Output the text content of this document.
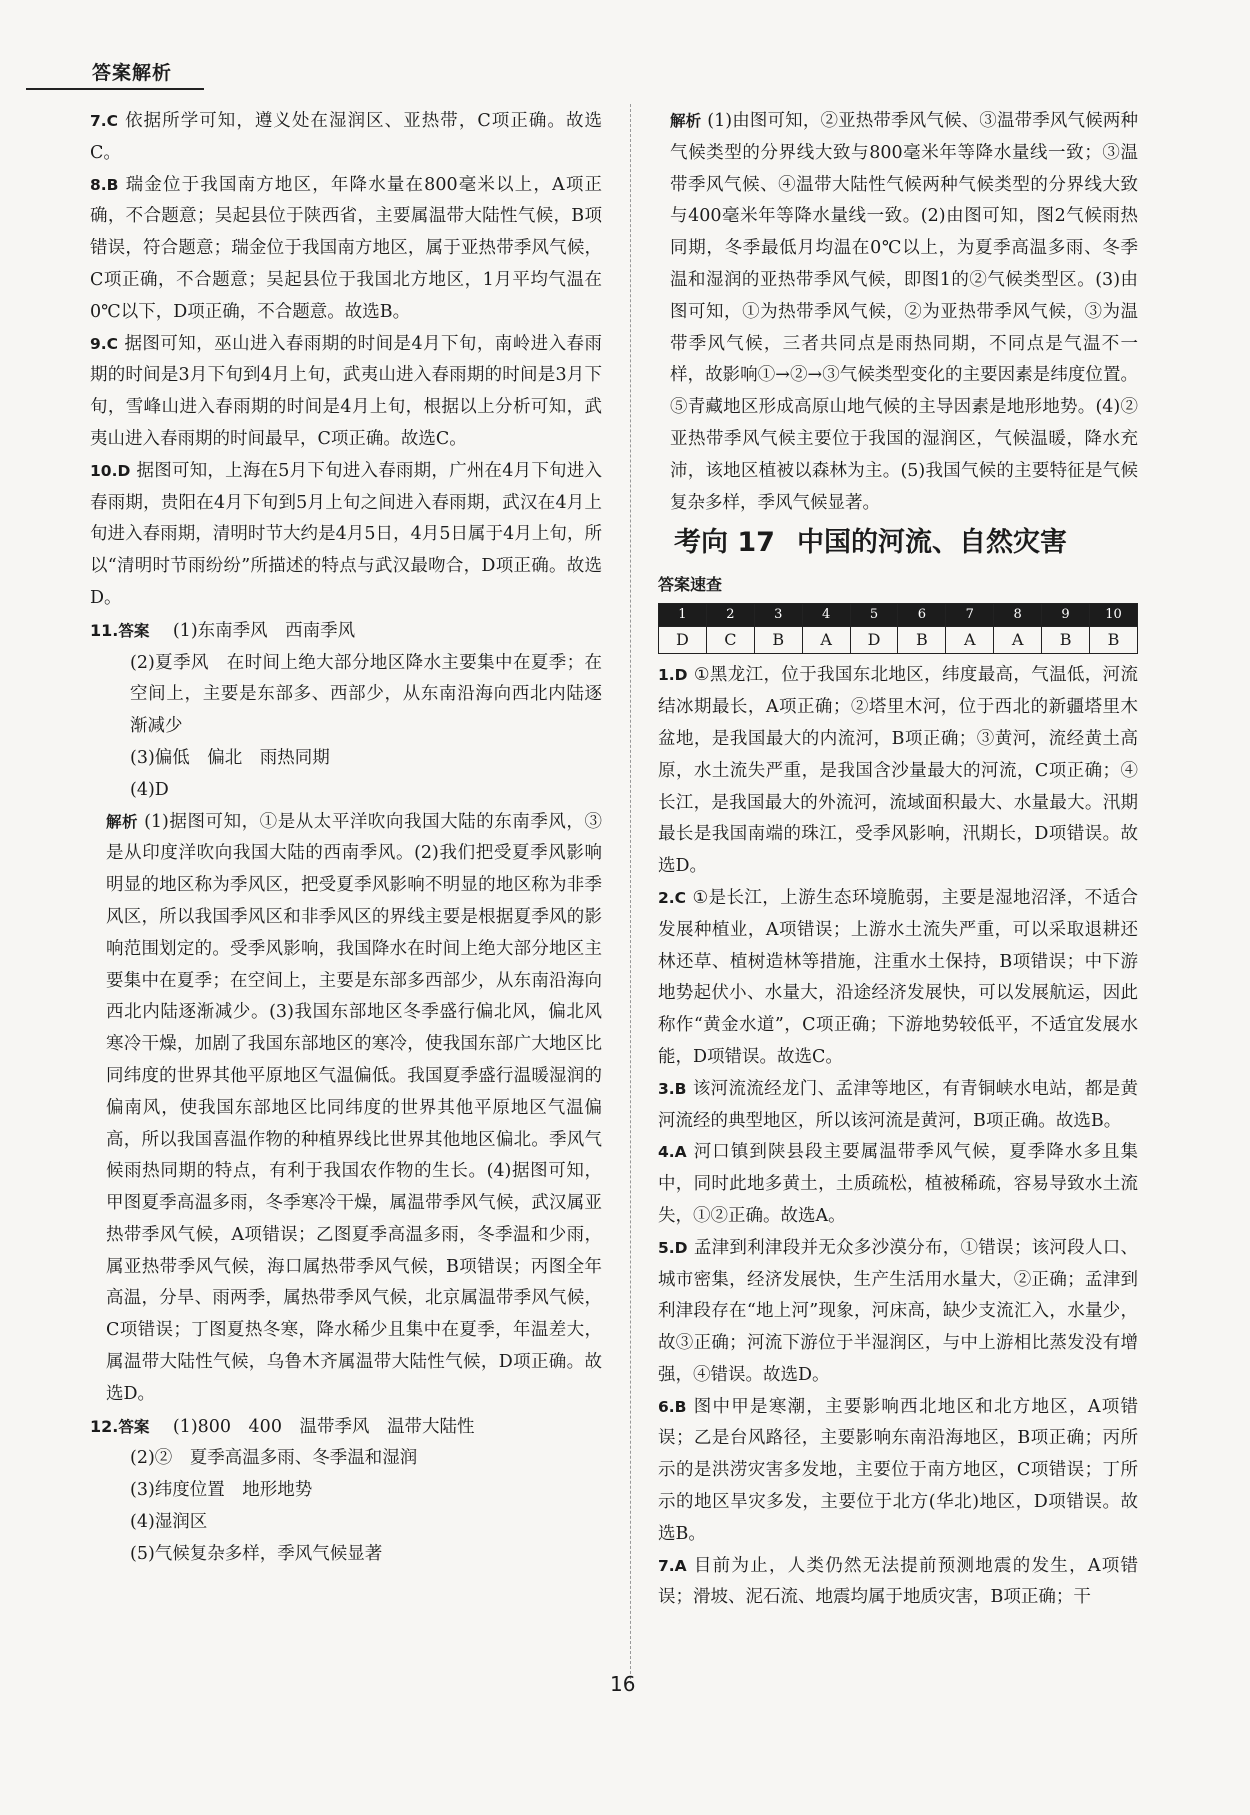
答案解析

7.C 依据所学可知，遵义处在湿润区、亚热带，C项正确。故选C。

8.B 瑞金位于我国南方地区，年降水量在800毫米以上，A项正确，不合题意；吴起县位于陕西省，主要属温带大陆性气候，B项错误，符合题意；瑞金位于我国南方地区，属于亚热带季风气候，C项正确，不合题意；吴起县位于我国北方地区，1月平均气温在0℃以下，D项正确，不合题意。故选B。

9.C 据图可知，巫山进入春雨期的时间是4月下旬，南岭进入春雨期的时间是3月下旬到4月上旬，武夷山进入春雨期的时间是3月下旬，雪峰山进入春雨期的时间是4月上旬，根据以上分析可知，武夷山进入春雨期的时间最早，C项正确。故选C。

10.D 据图可知，上海在5月下旬进入春雨期，广州在4月下旬进入春雨期，贵阳在4月下旬到5月上旬之间进入春雨期，武汉在4月上旬进入春雨期，清明时节大约是4月5日，4月5日属于4月上旬，所以“清明时节雨纷纷”所描述的特点与武汉最吻合，D项正确。故选D。

11.答案　 (1)东南季风　西南季风

(2)夏季风　在时间上绝大部分地区降水主要集中在夏季；在空间上，主要是东部多、西部少，从东南沿海向西北内陆逐渐减少

(3)偏低　偏北　雨热同期

(4)D

解析 (1)据图可知，①是从太平洋吹向我国大陆的东南季风，③是从印度洋吹向我国大陆的西南季风。(2)我们把受夏季风影响明显的地区称为季风区，把受夏季风影响不明显的地区称为非季风区，所以我国季风区和非季风区的界线主要是根据夏季风的影响范围划定的。受季风影响，我国降水在时间上绝大部分地区主要集中在夏季；在空间上，主要是东部多西部少，从东南沿海向西北内陆逐渐减少。(3)我国东部地区冬季盛行偏北风，偏北风寒冷干燥，加剧了我国东部地区的寒冷，使我国东部广大地区比同纬度的世界其他平原地区气温偏低。我国夏季盛行温暖湿润的偏南风，使我国东部地区比同纬度的世界其他平原地区气温偏高，所以我国喜温作物的种植界线比世界其他地区偏北。季风气候雨热同期的特点，有利于我国农作物的生长。(4)据图可知，甲图夏季高温多雨，冬季寒冷干燥，属温带季风气候，武汉属亚热带季风气候，A项错误；乙图夏季高温多雨，冬季温和少雨，属亚热带季风气候，海口属热带季风气候，B项错误；丙图全年高温，分旱、雨两季，属热带季风气候，北京属温带季风气候，C项错误；丁图夏热冬寒，降水稀少且集中在夏季，年温差大，属温带大陆性气候，乌鲁木齐属温带大陆性气候，D项正确。故选D。

12.答案　 (1)800　400　温带季风　温带大陆性

(2)②　夏季高温多雨、冬季温和湿润

(3)纬度位置　地形地势

(4)湿润区

(5)气候复杂多样，季风气候显著

解析 (1)由图可知，②亚热带季风气候、③温带季风气候两种气候类型的分界线大致与800毫米年等降水量线一致；③温带季风气候、④温带大陆性气候两种气候类型的分界线大致与400毫米年等降水量线一致。(2)由图可知，图2气候雨热同期，冬季最低月均温在0℃以上，为夏季高温多雨、冬季温和湿润的亚热带季风气候，即图1的②气候类型区。(3)由图可知，①为热带季风气候，②为亚热带季风气候，③为温带季风气候，三者共同点是雨热同期，不同点是气温不一样，故影响①→②→③气候类型变化的主要因素是纬度位置。⑤青藏地区形成高原山地气候的主导因素是地形地势。(4)②亚热带季风气候主要位于我国的湿润区，气候温暖，降水充沛，该地区植被以森林为主。(5)我国气候的主要特征是气候复杂多样，季风气候显著。

考向 17 中国的河流、自然灾害
答案速查
1	2	3	4	5	6	7	8	9	10
D	C	B	A	D	B	A	A	B	B

1.D ①黑龙江，位于我国东北地区，纬度最高，气温低，河流结冰期最长，A项正确；②塔里木河，位于西北的新疆塔里木盆地，是我国最大的内流河，B项正确；③黄河，流经黄土高原，水土流失严重，是我国含沙量最大的河流，C项正确；④长江，是我国最大的外流河，流域面积最大、水量最大。汛期最长是我国南端的珠江，受季风影响，汛期长，D项错误。故选D。

2.C ①是长江，上游生态环境脆弱，主要是湿地沼泽，不适合发展种植业，A项错误；上游水土流失严重，可以采取退耕还林还草、植树造林等措施，注重水土保持，B项错误；中下游地势起伏小、水量大，沿途经济发展快，可以发展航运，因此称作“黄金水道”，C项正确；下游地势较低平，不适宜发展水能，D项错误。故选C。

3.B 该河流流经龙门、孟津等地区，有青铜峡水电站，都是黄河流经的典型地区，所以该河流是黄河，B项正确。故选B。

4.A 河口镇到陕县段主要属温带季风气候，夏季降水多且集中，同时此地多黄土，土质疏松，植被稀疏，容易导致水土流失，①②正确。故选A。

5.D 孟津到利津段并无众多沙漠分布，①错误；该河段人口、城市密集，经济发展快，生产生活用水量大，②正确；孟津到利津段存在“地上河”现象，河床高，缺少支流汇入，水量少，故③正确；河流下游位于半湿润区，与中上游相比蒸发没有增强，④错误。故选D。

6.B 图中甲是寒潮，主要影响西北地区和北方地区，A项错误；乙是台风路径，主要影响东南沿海地区，B项正确；丙所示的是洪涝灾害多发地，主要位于南方地区，C项错误；丁所示的地区旱灾多发，主要位于北方(华北)地区，D项错误。故选B。

7.A 目前为止，人类仍然无法提前预测地震的发生，A项错误；滑坡、泥石流、地震均属于地质灾害，B项正确；干

16
